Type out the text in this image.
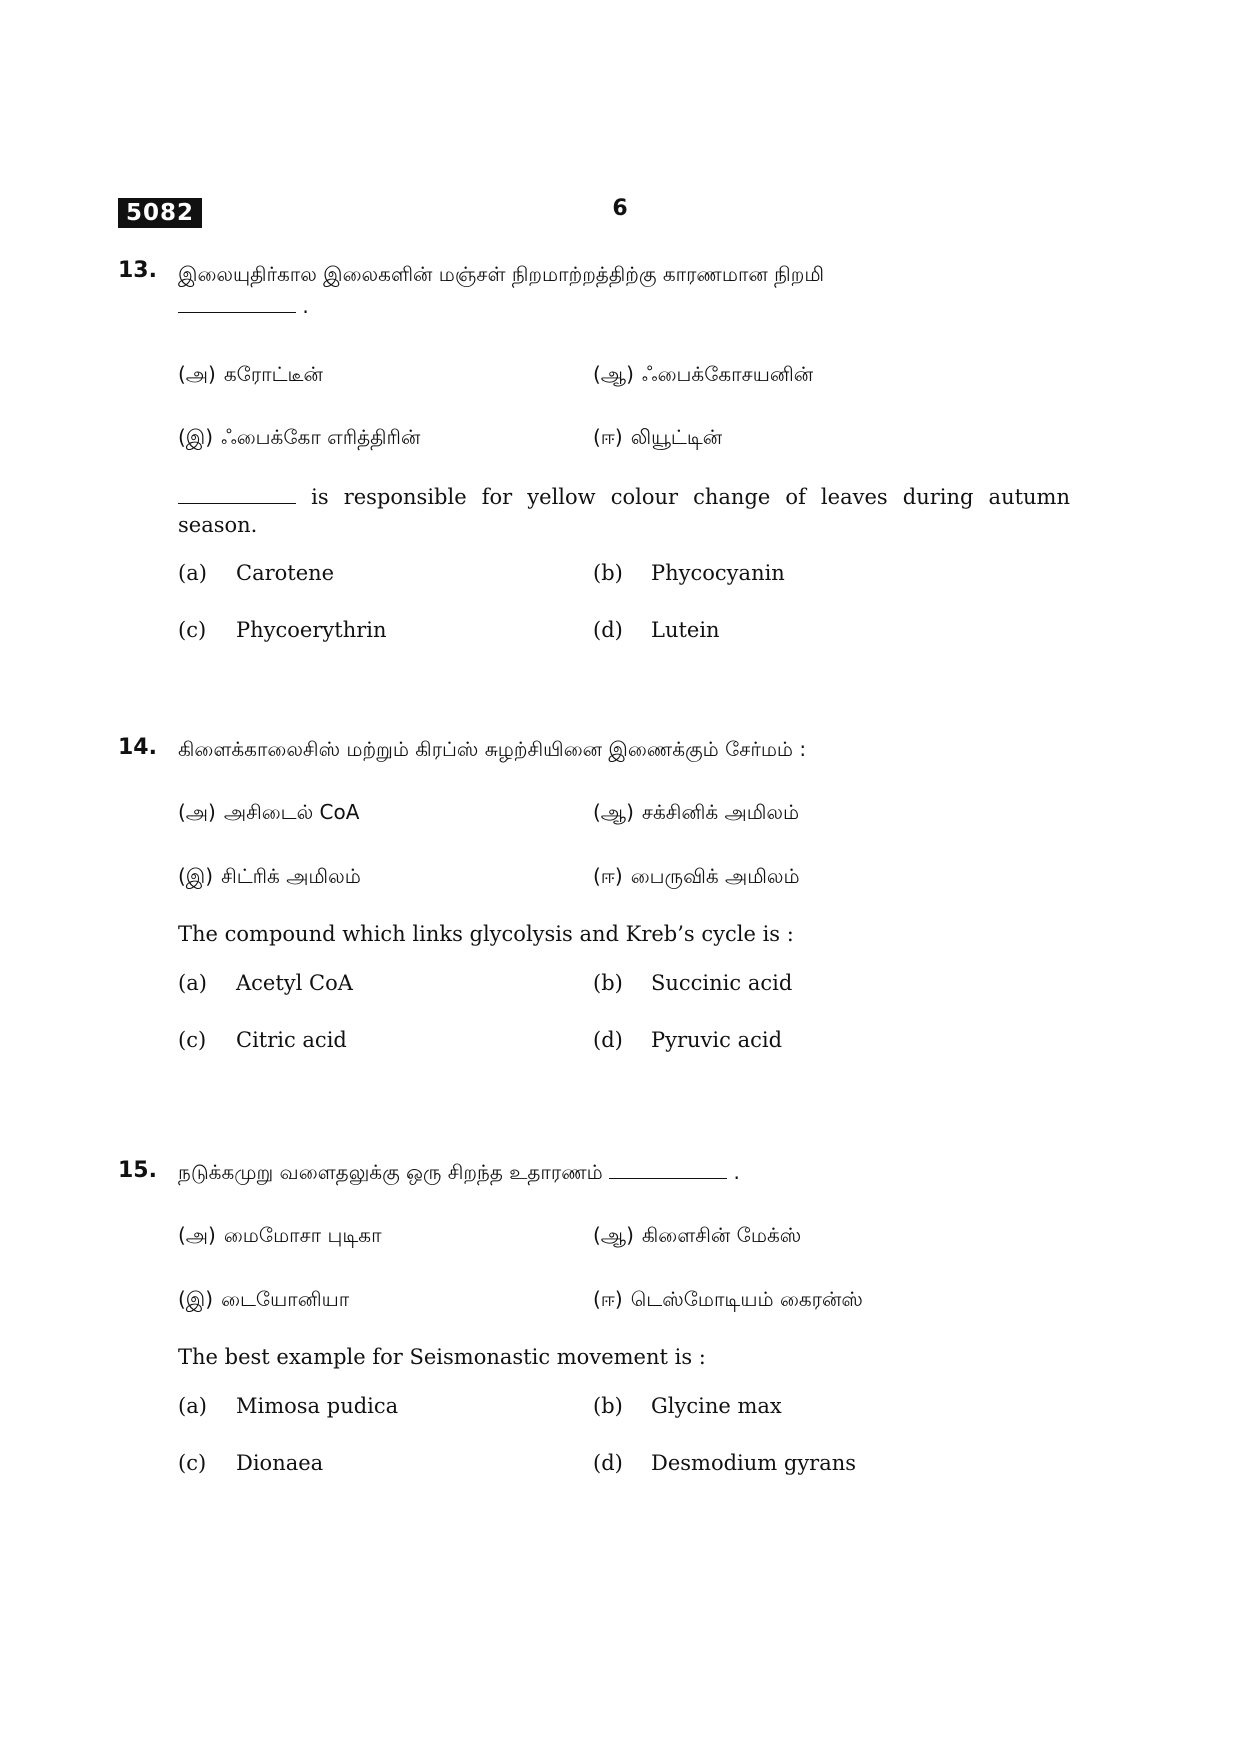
5082	6
13. இலையுதிர்கால இலைகளின் மஞ்சள் நிறமாற்றத்திற்கு காரணமான நிறமி
.
(அ) கரோட்டீன்	(ஆ) ஃபைக்கோசயனின்
(இ) ஃபைக்கோ எரித்திரின்	(ஈ) லியூட்டின்
is responsible for yellow colour change of leaves during autumn season.
(a) Carotene	(b) Phycocyanin
(c) Phycoerythrin	(d) Lutein
14. கிளைக்காலைசிஸ் மற்றும் கிரப்ஸ் சுழற்சியினை இணைக்கும் சேர்மம் :
(அ) அசிடைல் CoA	(ஆ) சக்சினிக் அமிலம்
(இ) சிட்ரிக் அமிலம்	(ஈ) பைருவிக் அமிலம்
The compound which links glycolysis and Kreb’s cycle is :
(a) Acetyl CoA	(b) Succinic acid
(c) Citric acid	(d) Pyruvic acid
15. நடுக்கமுறு வளைதலுக்கு ஒரு சிறந்த உதாரணம்	.
(அ) மைமோசா புடிகா	(ஆ) கிளைசின் மேக்ஸ்
(இ) டையோனியா	(ஈ) டெஸ்மோடியம் கைரன்ஸ்
The best example for Seismonastic movement is :
(a) Mimosa pudica	(b) Glycine max
(c) Dionaea	(d) Desmodium gyrans
